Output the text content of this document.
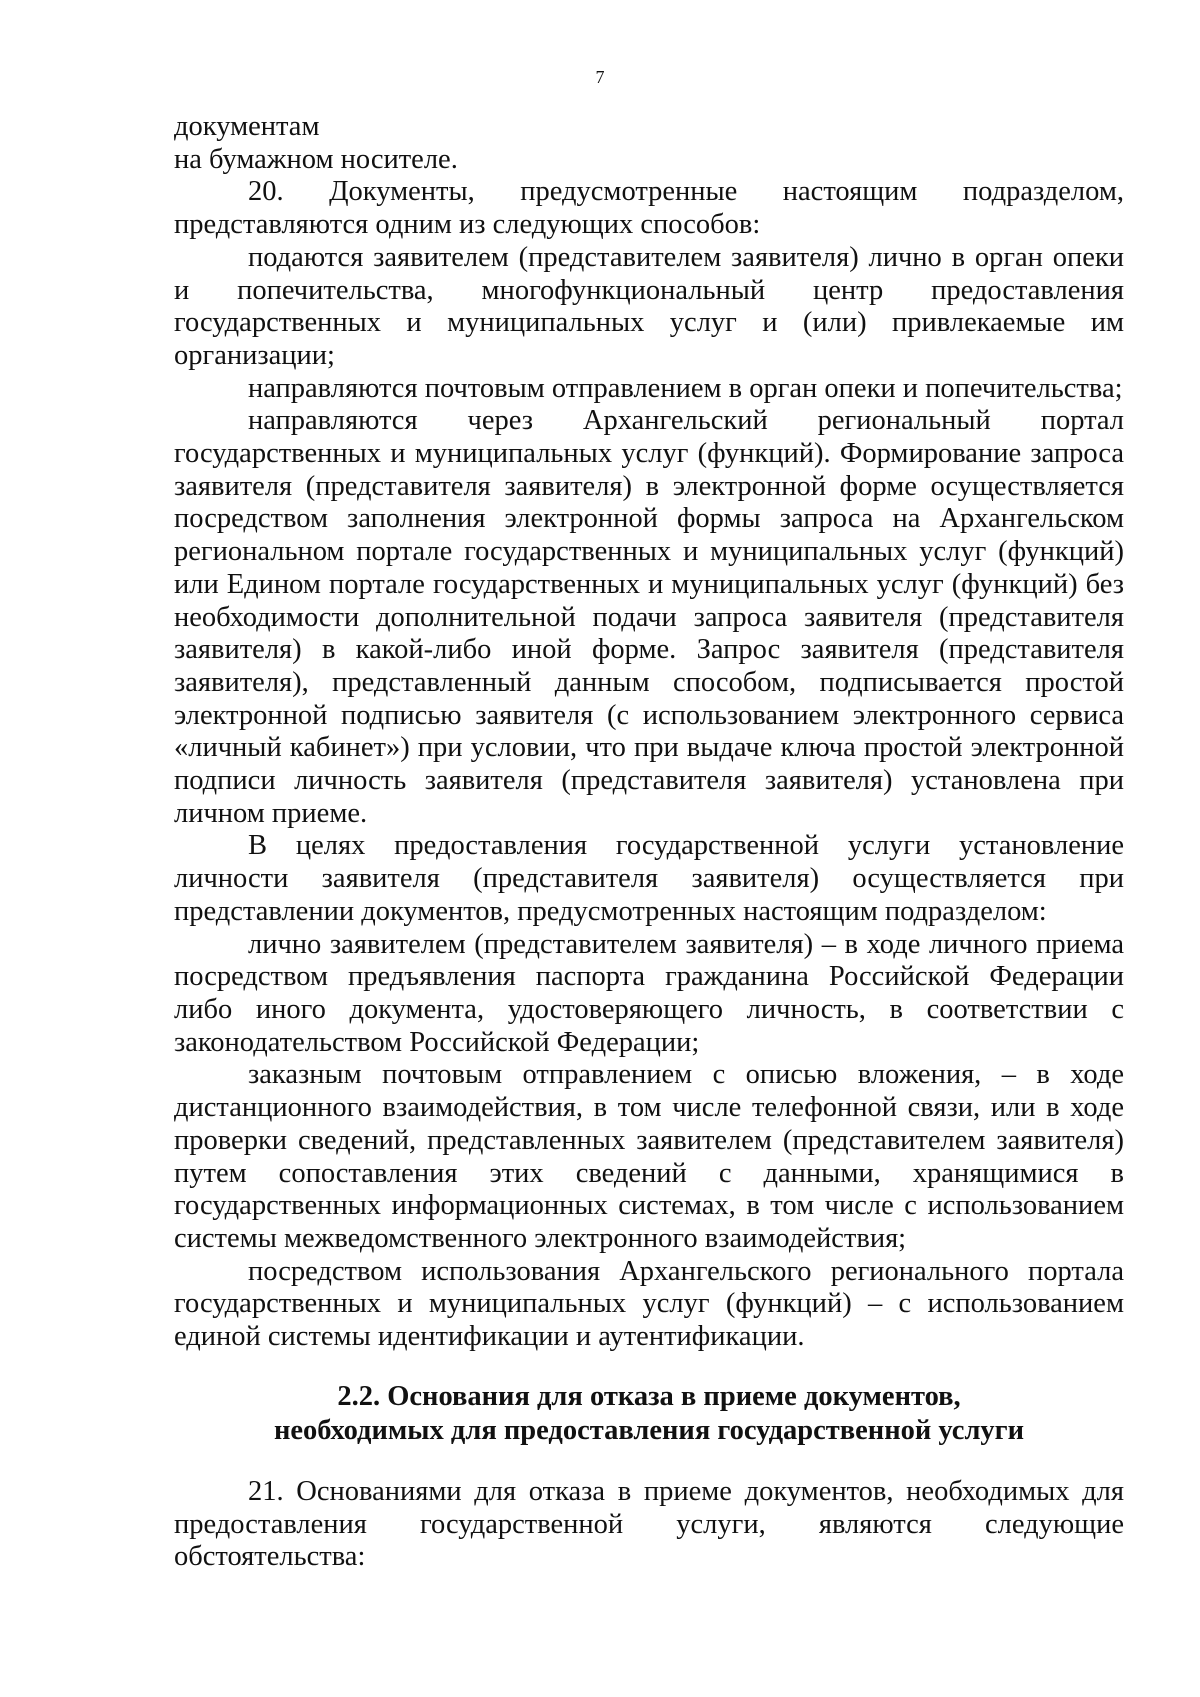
7

документам
на бумажном носителе.

20. Документы, предусмотренные настоящим подразделом, представляются одним из следующих способов:

подаются заявителем (представителем заявителя) лично в орган опеки и попечительства, многофункциональный центр предоставления государственных и муниципальных услуг и (или) привлекаемые им организации;

направляются почтовым отправлением в орган опеки и попечительства;

направляются через Архангельский региональный портал государственных и муниципальных услуг (функций). Формирование запроса заявителя (представителя заявителя) в электронной форме осуществляется посредством заполнения электронной формы запроса на Архангельском региональном портале государственных и муниципальных услуг (функций) или Едином портале государственных и муниципальных услуг (функций) без необходимости дополнительной подачи запроса заявителя (представителя заявителя) в какой-либо иной форме. Запрос заявителя (представителя заявителя), представленный данным способом, подписывается простой электронной подписью заявителя (с использованием электронного сервиса «личный кабинет») при условии, что при выдаче ключа простой электронной подписи личность заявителя (представителя заявителя) установлена при личном приеме.

В целях предоставления государственной услуги установление личности заявителя (представителя заявителя) осуществляется при представлении документов, предусмотренных настоящим подразделом:

лично заявителем (представителем заявителя) – в ходе личного приема посредством предъявления паспорта гражданина Российской Федерации либо иного документа, удостоверяющего личность, в соответствии с законодательством Российской Федерации;

заказным почтовым отправлением с описью вложения, – в ходе дистанционного взаимодействия, в том числе телефонной связи, или в ходе проверки сведений, представленных заявителем (представителем заявителя) путем сопоставления этих сведений с данными, хранящимися в государственных информационных системах, в том числе с использованием системы межведомственного электронного взаимодействия;

посредством использования Архангельского регионального портала государственных и муниципальных услуг (функций) – с использованием единой системы идентификации и аутентификации.

2.2. Основания для отказа в приеме документов,
необходимых для предоставления государственной услуги

21. Основаниями для отказа в приеме документов, необходимых для предоставления государственной услуги, являются следующие обстоятельства:
